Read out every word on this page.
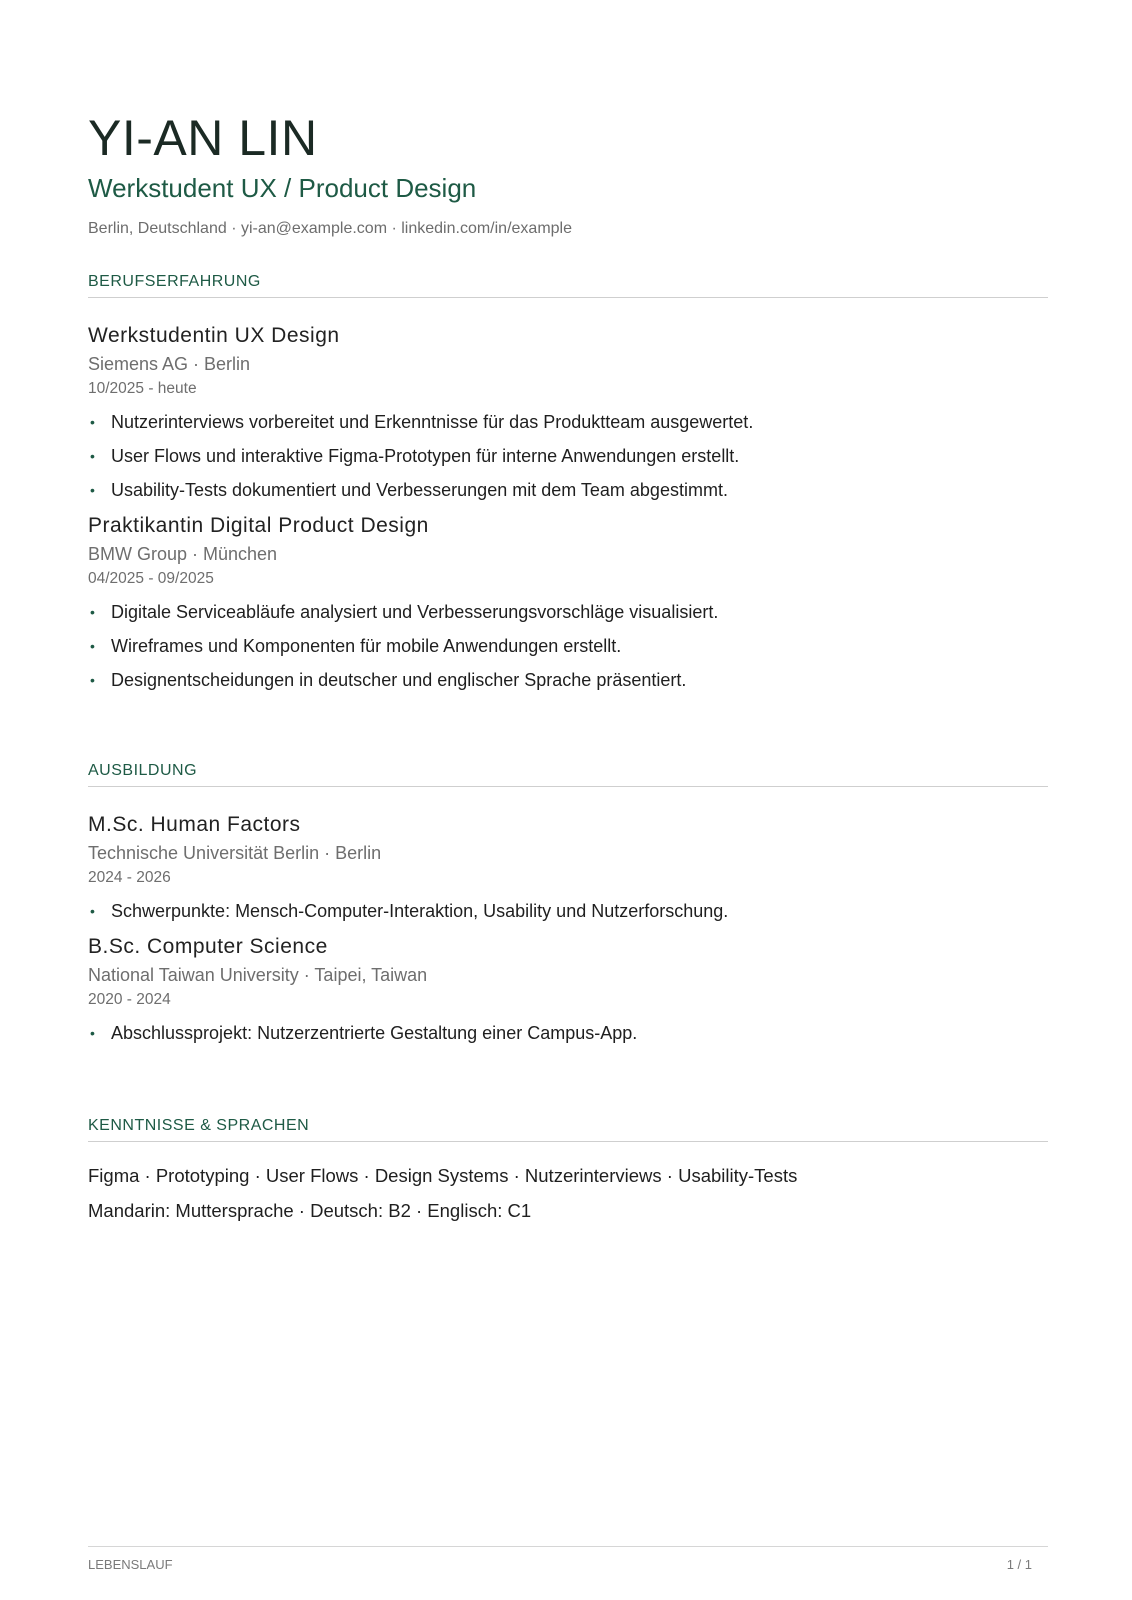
YI-AN LIN
Werkstudent UX / Product Design
Berlin, Deutschland · yi-an@example.com · linkedin.com/in/example
BERUFSERFAHRUNG
Werkstudentin UX Design
Siemens AG · Berlin
10/2025 - heute
• Nutzerinterviews vorbereitet und Erkenntnisse für das Produktteam ausgewertet.
• User Flows und interaktive Figma-Prototypen für interne Anwendungen erstellt.
• Usability-Tests dokumentiert und Verbesserungen mit dem Team abgestimmt.
Praktikantin Digital Product Design
BMW Group · München
04/2025 - 09/2025
• Digitale Serviceabläufe analysiert und Verbesserungsvorschläge visualisiert.
• Wireframes und Komponenten für mobile Anwendungen erstellt.
• Designentscheidungen in deutscher und englischer Sprache präsentiert.
AUSBILDUNG
M.Sc. Human Factors
Technische Universität Berlin · Berlin
2024 - 2026
• Schwerpunkte: Mensch-Computer-Interaktion, Usability und Nutzerforschung.
B.Sc. Computer Science
National Taiwan University · Taipei, Taiwan
2020 - 2024
• Abschlussprojekt: Nutzerzentrierte Gestaltung einer Campus-App.
KENNTNISSE & SPRACHEN
Figma · Prototyping · User Flows · Design Systems · Nutzerinterviews · Usability-Tests
Mandarin: Muttersprache · Deutsch: B2 · Englisch: C1
LEBENSLAUF	1 / 1
